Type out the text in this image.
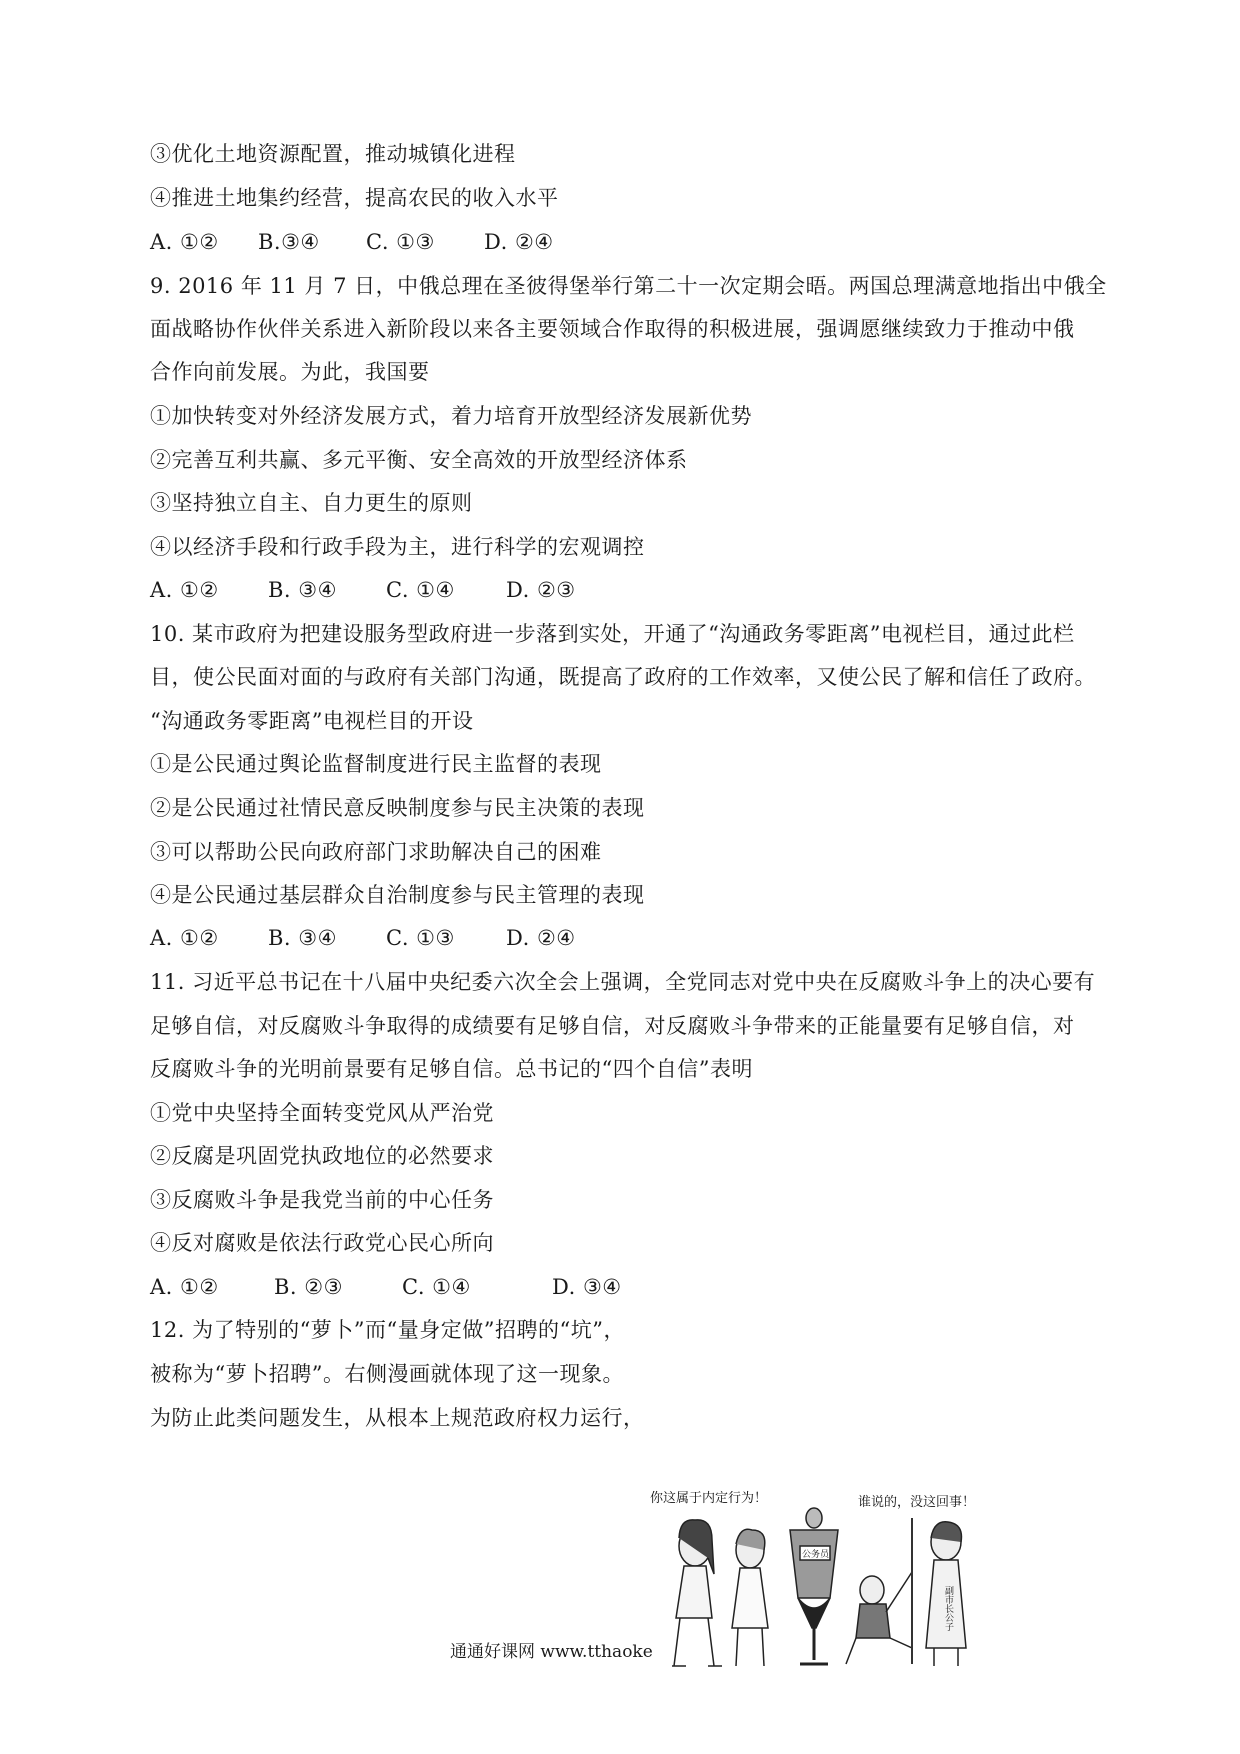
③优化土地资源配置，推动城镇化进程
④推进土地集约经营，提高农民的收入水平
A. ①② B.③④ C. ①③ D. ②④
9. 2016 年 11 月 7 日，中俄总理在圣彼得堡举行第二十一次定期会晤。两国总理满意地指出中俄全
面战略协作伙伴关系进入新阶段以来各主要领域合作取得的积极进展，强调愿继续致力于推动中俄
合作向前发展。为此，我国要
①加快转变对外经济发展方式，着力培育开放型经济发展新优势
②完善互利共赢、多元平衡、安全高效的开放型经济体系
③坚持独立自主、自力更生的原则
④以经济手段和行政手段为主，进行科学的宏观调控
A. ①② B. ③④ C. ①④ D. ②③
10. 某市政府为把建设服务型政府进一步落到实处，开通了“沟通政务零距离”电视栏目，通过此栏
目，使公民面对面的与政府有关部门沟通，既提高了政府的工作效率，又使公民了解和信任了政府。
“沟通政务零距离”电视栏目的开设
①是公民通过舆论监督制度进行民主监督的表现
②是公民通过社情民意反映制度参与民主决策的表现
③可以帮助公民向政府部门求助解决自己的困难
④是公民通过基层群众自治制度参与民主管理的表现
A. ①② B. ③④ C. ①③ D. ②④
11. 习近平总书记在十八届中央纪委六次全会上强调，全党同志对党中央在反腐败斗争上的决心要有
足够自信，对反腐败斗争取得的成绩要有足够自信，对反腐败斗争带来的正能量要有足够自信，对
反腐败斗争的光明前景要有足够自信。总书记的“四个自信”表明
①党中央坚持全面转变党风从严治党
②反腐是巩固党执政地位的必然要求
③反腐败斗争是我党当前的中心任务
④反对腐败是依法行政党心民心所向
A. ①②	B. ②③	C. ①④	D. ③④
12. 为了特别的“萝卜”而“量身定做”招聘的“坑”，
被称为“萝卜招聘”。右侧漫画就体现了这一现象。
为防止此类问题发生，从根本上规范政府权力运行，
你这属于内定行为！	谁说的，没这回事！
公务员
副市长公子
通通好课网 www.tthaoke
